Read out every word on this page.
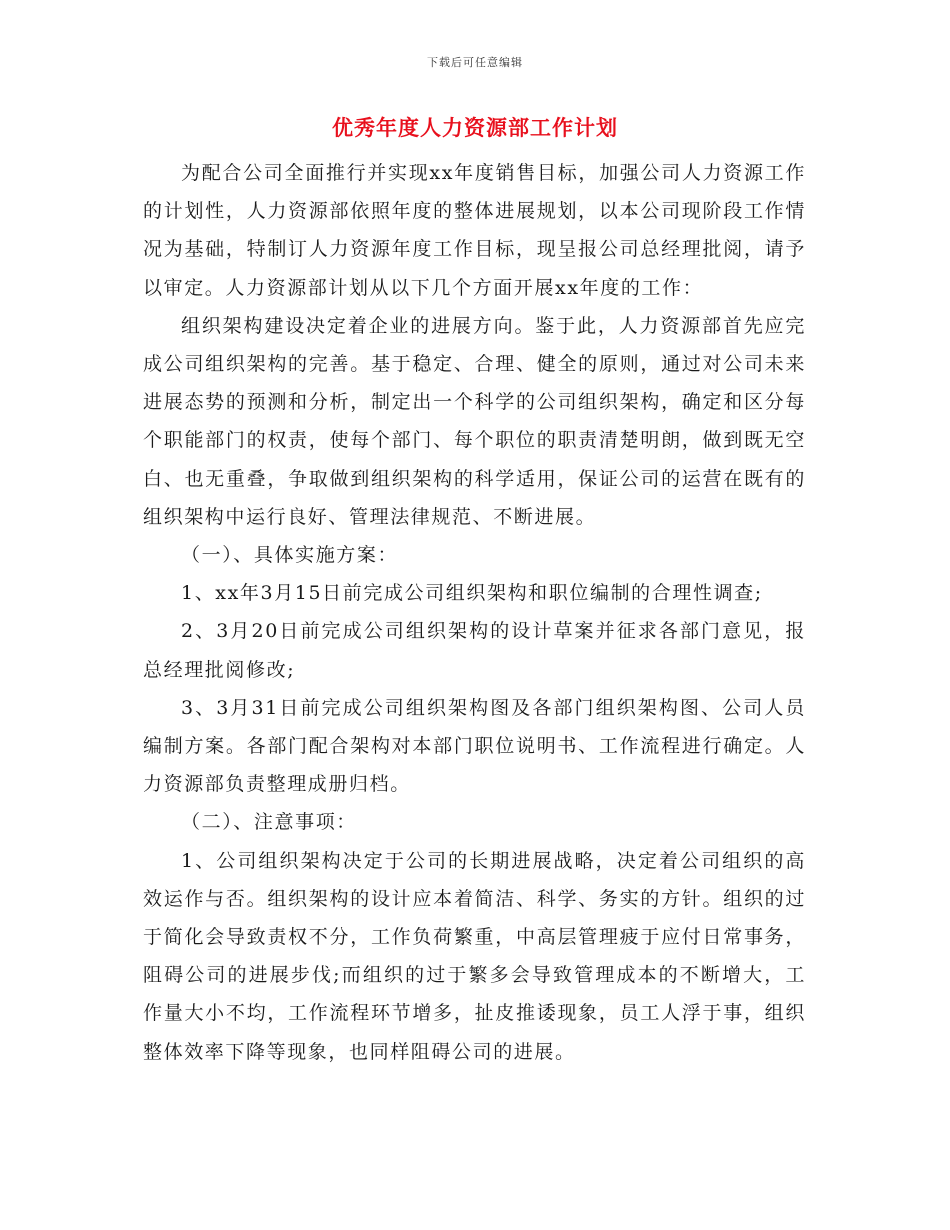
下载后可任意编辑
优秀年度人力资源部工作计划

为配合公司全面推行并实现xx年度销售目标，加强公司人力资源工作的计划性，人力资源部依照年度的整体进展规划，以本公司现阶段工作情况为基础，特制订人力资源年度工作目标，现呈报公司总经理批阅，请予以审定。人力资源部计划从以下几个方面开展xx年度的工作：

组织架构建设决定着企业的进展方向。鉴于此，人力资源部首先应完成公司组织架构的完善。基于稳定、合理、健全的原则，通过对公司未来进展态势的预测和分析，制定出一个科学的公司组织架构，确定和区分每个职能部门的权责，使每个部门、每个职位的职责清楚明朗，做到既无空白、也无重叠，争取做到组织架构的科学适用，保证公司的运营在既有的组织架构中运行良好、管理法律规范、不断进展。

（一）、具体实施方案：

1、xx年3月15日前完成公司组织架构和职位编制的合理性调查;

2、3月20日前完成公司组织架构的设计草案并征求各部门意见，报总经理批阅修改;

3、3月31日前完成公司组织架构图及各部门组织架构图、公司人员编制方案。各部门配合架构对本部门职位说明书、工作流程进行确定。人力资源部负责整理成册归档。

（二）、注意事项：

1、公司组织架构决定于公司的长期进展战略，决定着公司组织的高效运作与否。组织架构的设计应本着简洁、科学、务实的方针。组织的过于简化会导致责权不分，工作负荷繁重，中高层管理疲于应付日常事务，阻碍公司的进展步伐;而组织的过于繁多会导致管理成本的不断增大，工作量大小不均，工作流程环节增多，扯皮推诿现象，员工人浮于事，组织整体效率下降等现象，也同样阻碍公司的进展。
